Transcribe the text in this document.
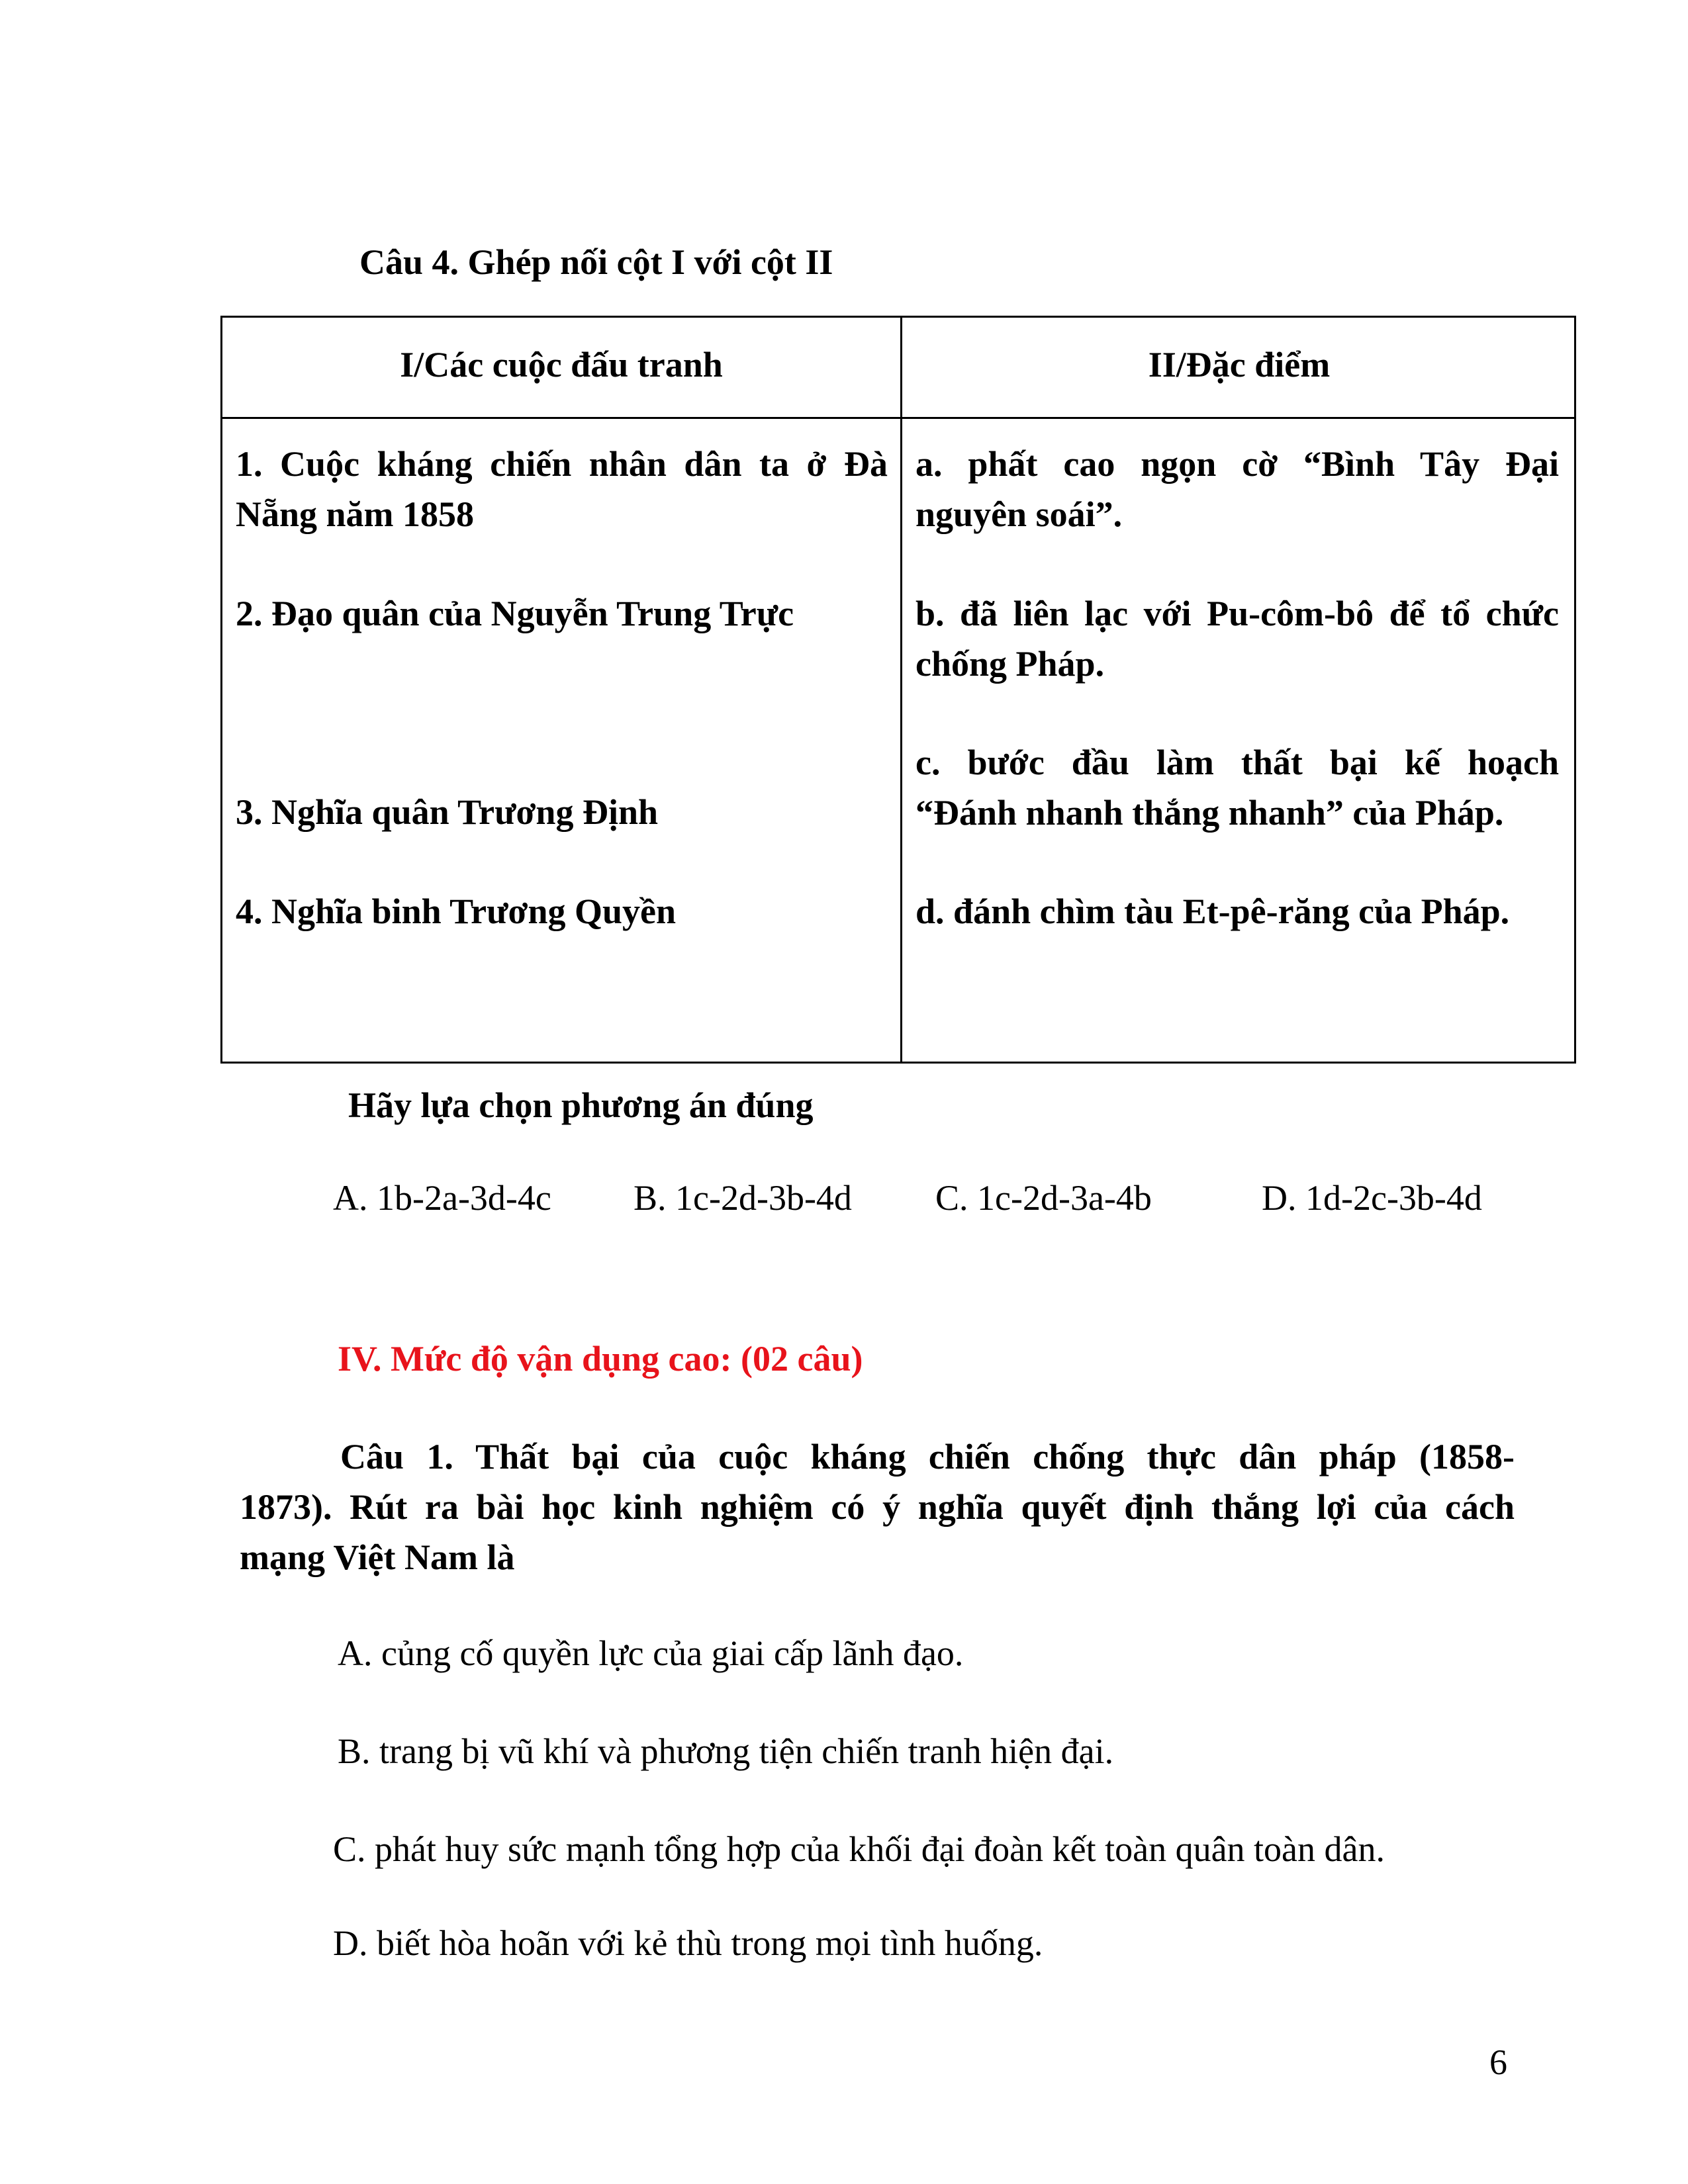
Câu 4. Ghép nối cột I với cột II
I/Các cuộc đấu tranh	II/Đặc điểm
1. Cuộc kháng chiến nhân dân ta ở Đà
Nẵng năm 1858
2. Đạo quân của Nguyễn Trung Trực
3. Nghĩa quân Trương Định
4. Nghĩa binh Trương Quyền
a. phất cao ngọn cờ “Bình Tây Đại
nguyên soái”.
b. đã liên lạc với Pu-côm-bô để tổ chức
chống Pháp.
c. bước đầu làm thất bại kế hoạch
“Đánh nhanh thắng nhanh” của Pháp.
d. đánh chìm tàu Et-pê-răng của Pháp.
Hãy lựa chọn phương án đúng
A. 1b-2a-3d-4c B. 1c-2d-3b-4d C. 1c-2d-3a-4b	D. 1d-2c-3b-4d
IV. Mức độ vận dụng cao: (02 câu)
Câu 1. Thất bại của cuộc kháng chiến chống thực dân pháp (1858-
1873). Rút ra bài học kinh nghiệm có ý nghĩa quyết định thắng lợi của cách
mạng Việt Nam là
A. củng cố quyền lực của giai cấp lãnh đạo.
B. trang bị vũ khí và phương tiện chiến tranh hiện đại.
C. phát huy sức mạnh tổng hợp của khối đại đoàn kết toàn quân toàn dân.
D. biết hòa hoãn với kẻ thù trong mọi tình huống.
6
